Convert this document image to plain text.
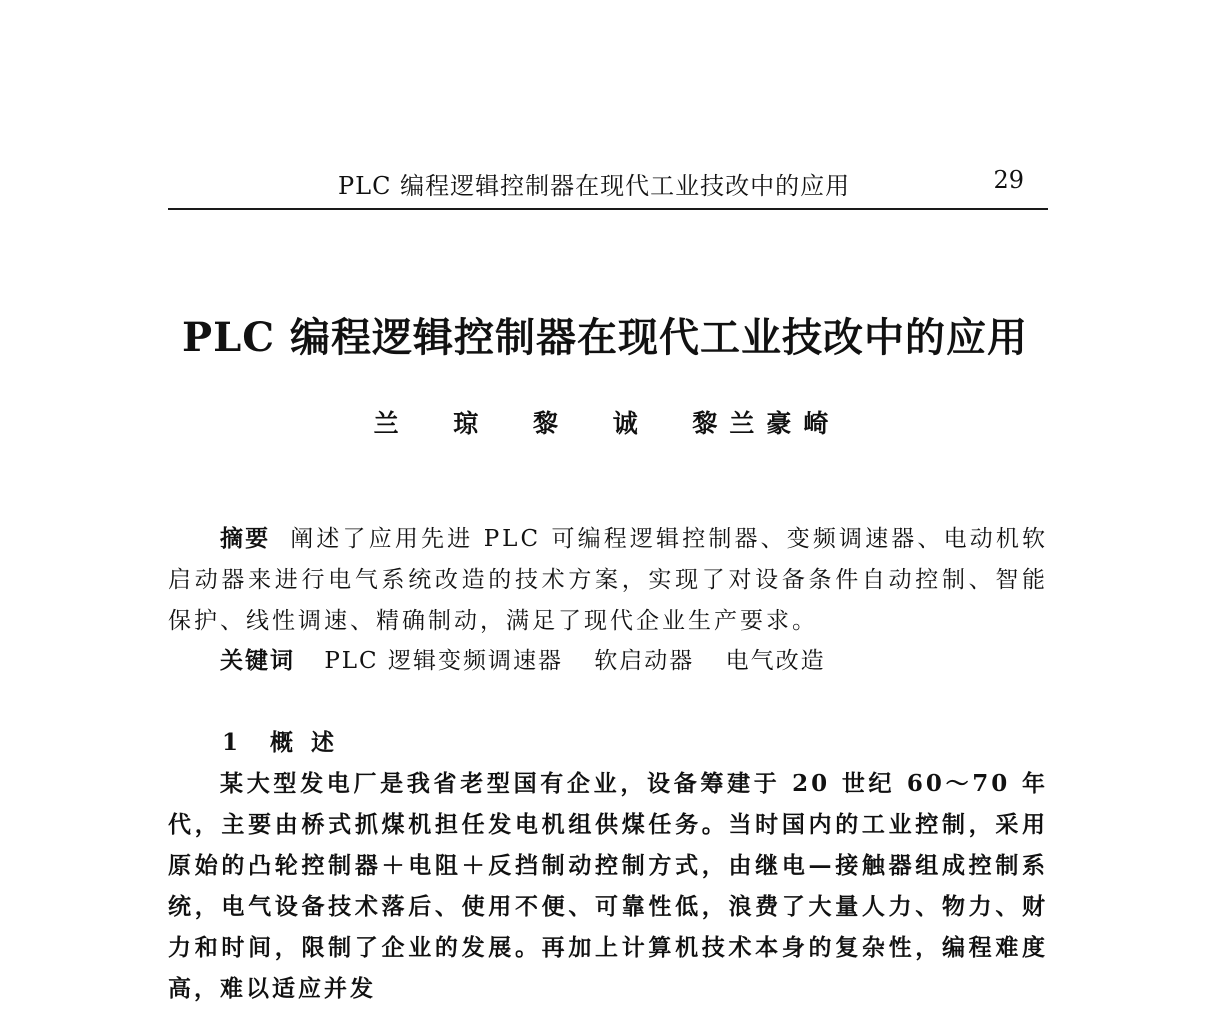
PLC 编程逻辑控制器在现代工业技改中的应用	29
PLC 编程逻辑控制器在现代工业技改中的应用
兰 琼 黎 诚 黎兰豪崎
摘要 阐述了应用先进 PLC 可编程逻辑控制器、变频调速器、电动机软启动器来进行电气系统改造的技术方案，实现了对设备条件自动控制、智能保护、线性调速、精确制动，满足了现代企业生产要求。
关键词 PLC 逻辑变频调速器 软启动器 电气改造
1 概述
某大型发电厂是我省老型国有企业，设备筹建于 20 世纪 60～70 年代，主要由桥式抓煤机担任发电机组供煤任务。当时国内的工业控制，采用原始的凸轮控制器＋电阻＋反挡制动控制方式，由继电—接触器组成控制系统，电气设备技术落后、使用不便、可靠性低，浪费了大量人力、物力、财力和时间，限制了企业的发展。再加上计算机技术本身的复杂性，编程难度高，难以适应并发
